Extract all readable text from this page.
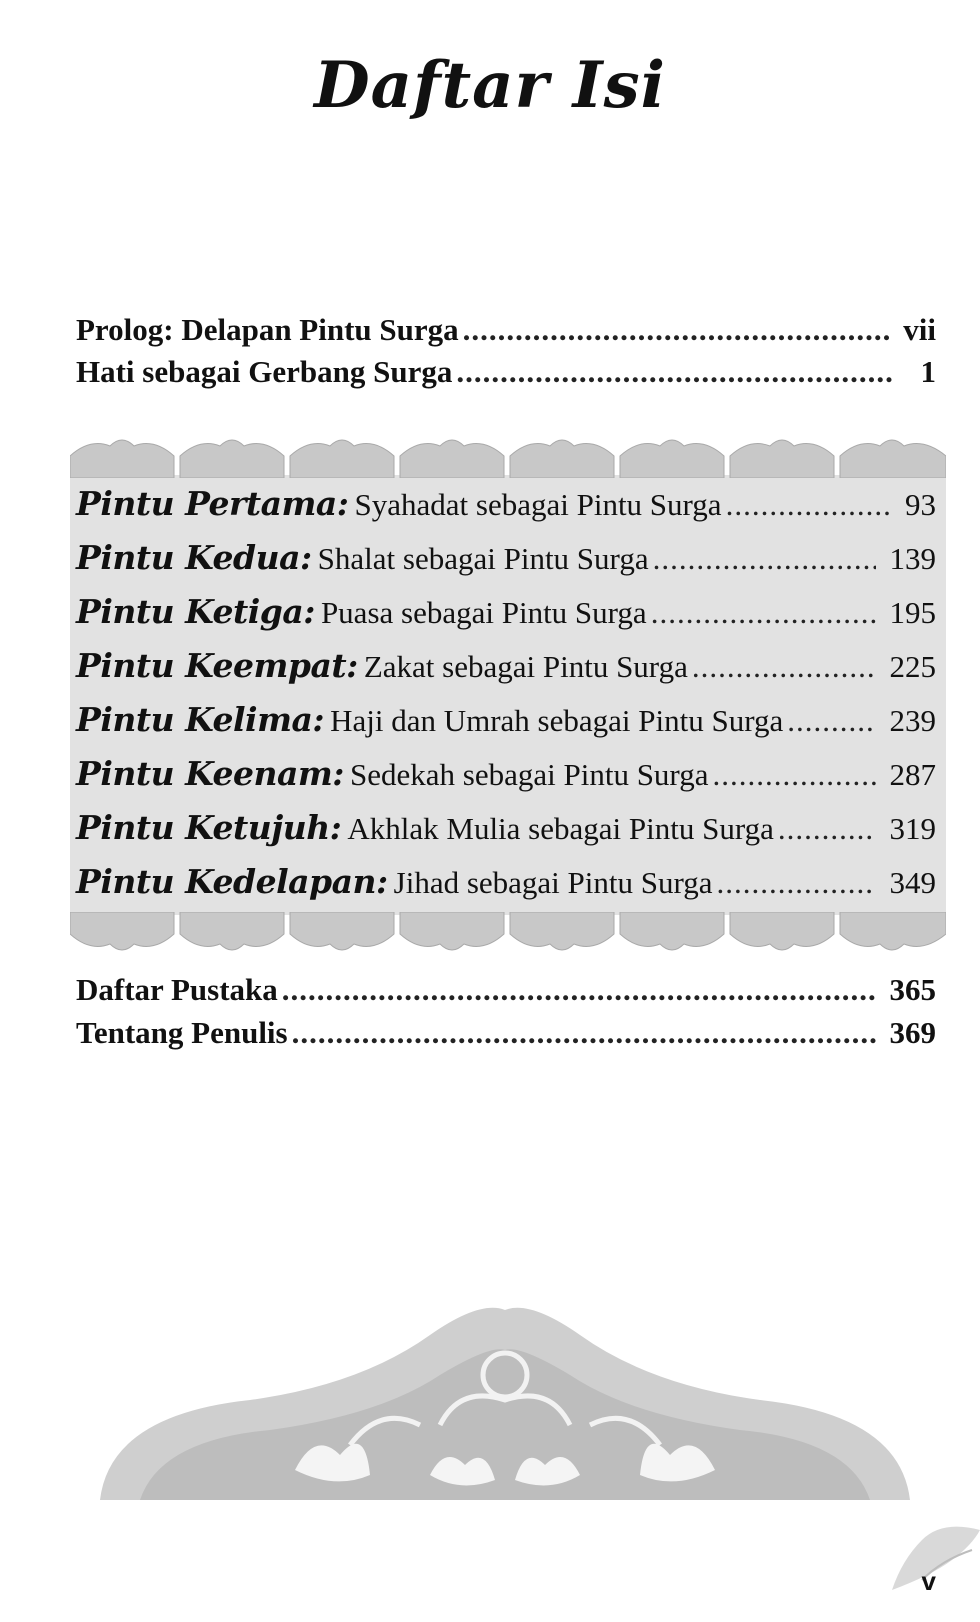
Daftar Isi
Prolog: Delapan Pintu Surga .....	vii
Hati sebagai Gerbang Surga .....	1
Pintu Pertama: Syahadat sebagai Pintu Surga .....	93
Pintu Kedua: Shalat sebagai Pintu Surga .....	139
Pintu Ketiga: Puasa sebagai Pintu Surga .....	195
Pintu Keempat: Zakat sebagai Pintu Surga .....	225
Pintu Kelima: Haji dan Umrah sebagai Pintu Surga .....	239
Pintu Keenam: Sedekah sebagai Pintu Surga .....	287
Pintu Ketujuh: Akhlak Mulia sebagai Pintu Surga .....	319
Pintu Kedelapan: Jihad sebagai Pintu Surga .....	349
Daftar Pustaka .....	365
Tentang Penulis .....	369
v
